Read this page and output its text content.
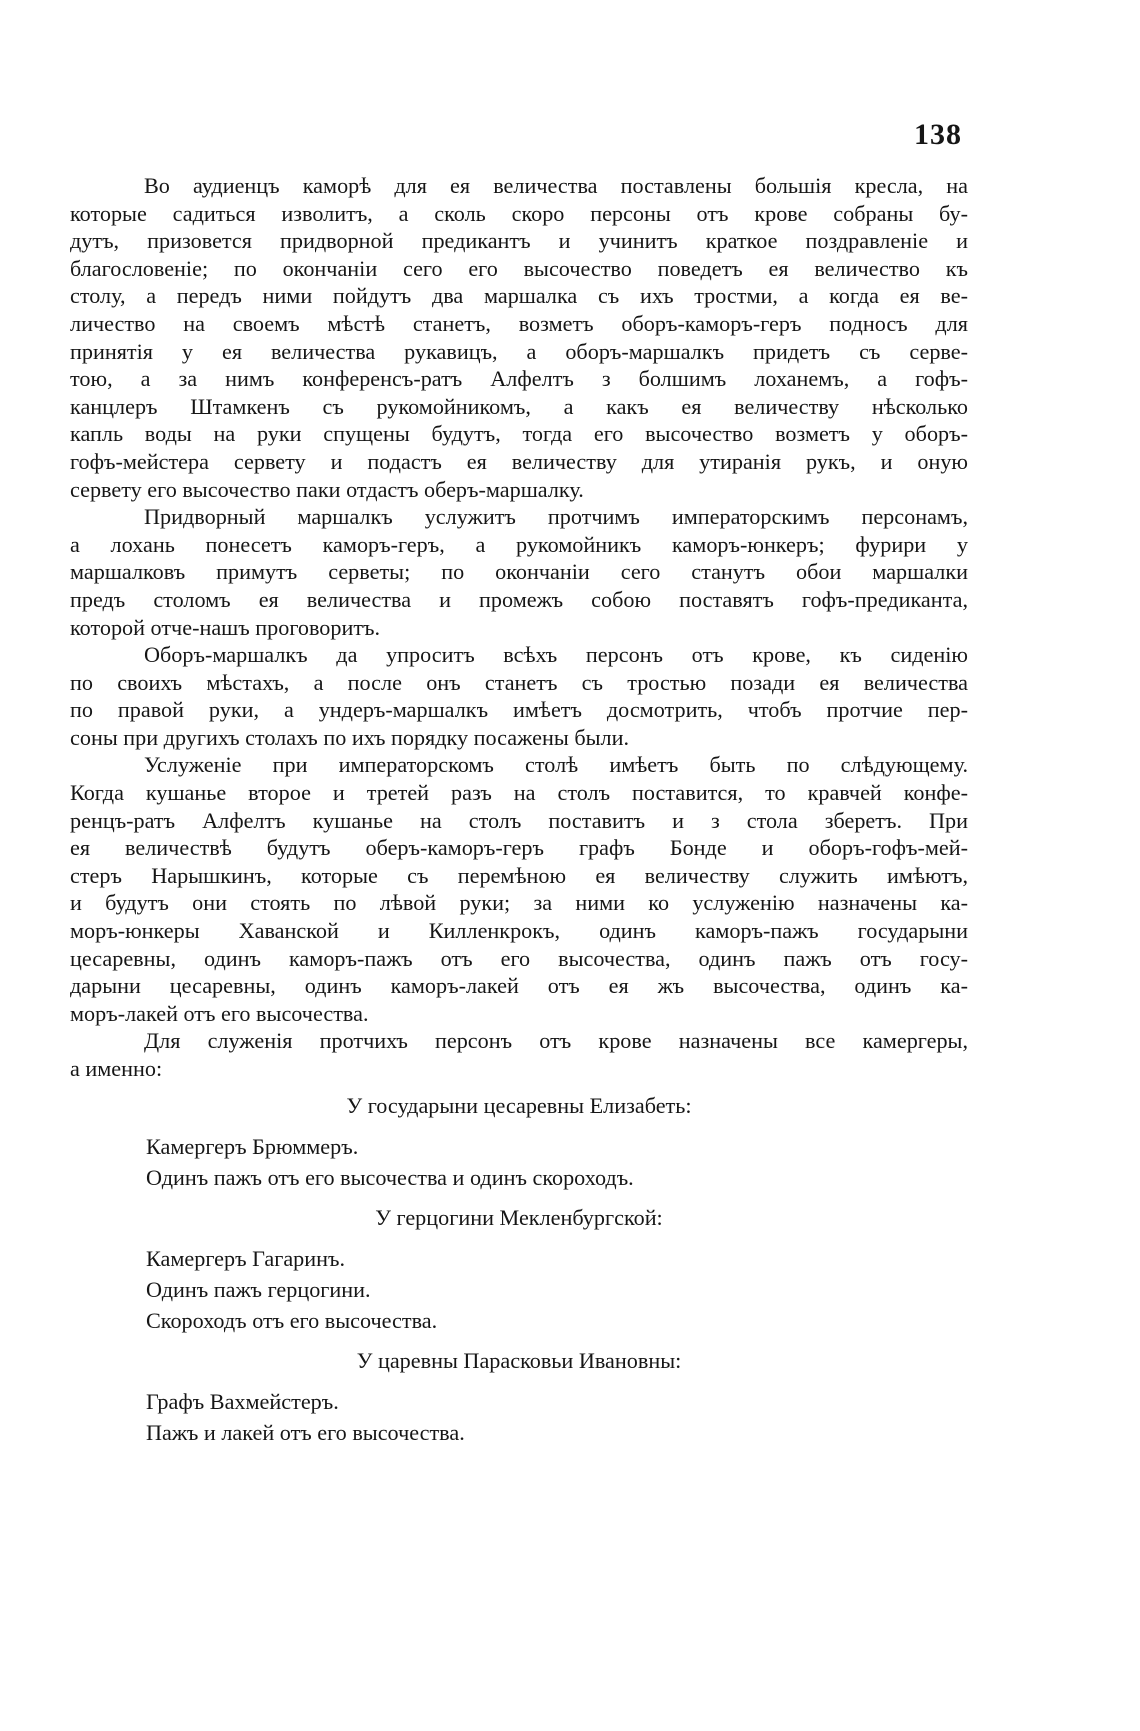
138

Во аудиенцъ каморѣ для ея величества поставлены большія кресла, на
которые садиться изволитъ, а сколь скоро персоны отъ крове собраны бу-
дутъ, призовется придворной предикантъ и учинитъ краткое поздравленіе и
благословеніе; по окончаніи сего его высочество поведетъ ея величество къ
столу, а передъ ними пойдутъ два маршалка съ ихъ тростми, а когда ея ве-
личество на своемъ мѣстѣ станетъ, возметъ оборъ-каморъ-геръ подносъ для
принятія у ея величества рукавицъ, а оборъ-маршалкъ придетъ съ серве-
тою, а за нимъ конференсъ-ратъ Алфелтъ з болшимъ лоханемъ, а гофъ-
канцлеръ Штамкенъ съ рукомойникомъ, а какъ ея величеству нѣсколько
капль воды на руки спущены будутъ, тогда его высочество возметъ у оборъ-
гофъ-мейстера сервету и подастъ ея величеству для утиранія рукъ, и оную
сервету его высочество паки отдастъ оберъ-маршалку.

Придворный маршалкъ услужитъ протчимъ императорскимъ персонамъ,
а лохань понесетъ каморъ-геръ, а рукомойникъ каморъ-юнкеръ; фурири у
маршалковъ примутъ серветы; по окончаніи сего станутъ обои маршалки
предъ столомъ ея величества и промежъ собою поставятъ гофъ-предиканта,
которой отче-нашъ проговоритъ.

Оборъ-маршалкъ да упроситъ всѣхъ персонъ отъ крове, къ сиденію
по своихъ мѣстахъ, а после онъ станетъ съ тростью позади ея величества
по правой руки, а ундеръ-маршалкъ имѣетъ досмотрить, чтобъ протчие пер-
соны при другихъ столахъ по ихъ порядку посажены были.

Услуженіе при императорскомъ столѣ имѣетъ быть по слѣдующему.
Когда кушанье второе и третей разъ на столъ поставится, то кравчей конфе-
ренцъ-ратъ Алфелтъ кушанье на столъ поставитъ и з стола зберетъ. При
ея величествѣ будутъ оберъ-каморъ-геръ графъ Бонде и оборъ-гофъ-мей-
стеръ Нарышкинъ, которые съ перемѣною ея величеству служить имѣютъ,
и будутъ они стоять по лѣвой руки; за ними ко услуженію назначены ка-
моръ-юнкеры Хаванской и Килленкрокъ, одинъ каморъ-пажъ государыни
цесаревны, одинъ каморъ-пажъ отъ его высочества, одинъ пажъ отъ госу-
дарыни цесаревны, одинъ каморъ-лакей отъ ея жъ высочества, одинъ ка-
моръ-лакей отъ его высочества.

Для служенія протчихъ персонъ отъ крове назначены все камергеры,
а именно:

У государыни цесаревны Елизабеть:
Камергеръ Брюммеръ.
Одинъ пажъ отъ его высочества и одинъ скороходъ.
У герцогини Мекленбургской:
Камергеръ Гагаринъ.
Одинъ пажъ герцогини.
Скороходъ отъ его высочества.
У царевны Парасковьи Ивановны:
Графъ Вахмейстеръ.
Пажъ и лакей отъ его высочества.
